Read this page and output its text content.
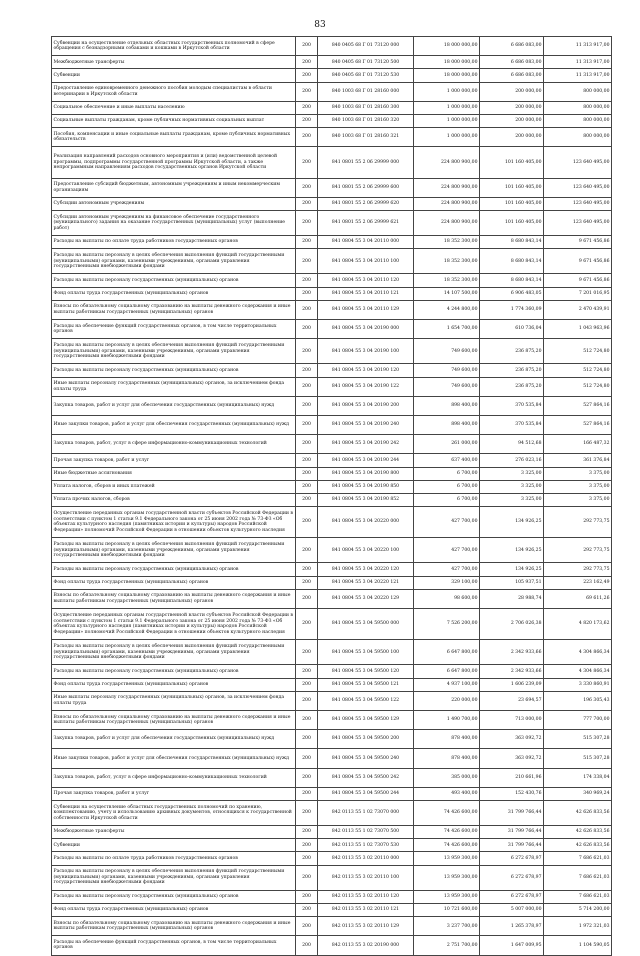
83
Субвенции на осуществление отдельных областных государственных полномочий в сфере обращения с безнадзорными собаками и кошками в Иркутской области	200	840 0405 68 Г 01 73120 000	18 000 000,00	6 686 083,00	11 313 917,00
Межбюджетные трансферты	200	840 0405 68 Г 01 73120 500	18 000 000,00	6 686 083,00	11 313 917,00
Субвенции	200	840 0405 68 Г 01 73120 530	18 000 000,00	6 686 083,00	11 313 917,00
Предоставление единовременного денежного пособия молодым специалистам в области ветеринарии в Иркутской области	200	840 1003 68 Г 01 28160 000	1 000 000,00	200 000,00	800 000,00
Социальное обеспечение и иные выплаты населению	200	840 1003 68 Г 01 28160 300	1 000 000,00	200 000,00	800 000,00
Социальные выплаты гражданам, кроме публичных нормативных социальных выплат	200	840 1003 68 Г 01 28160 320	1 000 000,00	200 000,00	800 000,00
Пособия, компенсации и иные социальные выплаты гражданам, кроме публичных нормативных обязательств	200	840 1003 68 Г 01 28160 321	1 000 000,00	200 000,00	800 000,00
Реализация направлений расходов основного мероприятия и (или) ведомственной целевой программы, подпрограммы государственной программы Иркутской области, а также непрограммным направлениям расходов государственных органов Иркутской области	200	841 0801 55 2 06 29999 000	224 800 900,00	101 160 405,00	123 640 495,00
Предоставление субсидий бюджетным, автономным учреждениям и иным некоммерческим организациям	200	841 0801 55 2 06 29999 600	224 800 900,00	101 160 405,00	123 640 495,00
Субсидии автономным учреждениям	200	841 0801 55 2 06 29999 620	224 800 900,00	101 160 405,00	123 640 495,00
Субсидии автономным учреждениям на финансовое обеспечение государственного (муниципального) задания на оказание государственных (муниципальных) услуг (выполнение работ)	200	841 0801 55 2 06 29999 621	224 800 900,00	101 160 405,00	123 640 495,00
Расходы на выплаты по оплате труда работников государственных органов	200	841 0804 55 3 04 20110 000	18 352 300,00	8 680 843,14	9 671 456,86
Расходы на выплаты персоналу в целях обеспечения выполнения функций государственными (муниципальными) органами, казенными учреждениями, органами управления государственными внебюджетными фондами	200	841 0804 55 3 04 20110 100	18 352 300,00	8 680 843,14	9 671 456,86
Расходы на выплаты персоналу государственных (муниципальных) органов	200	841 0804 55 3 04 20110 120	18 352 300,00	8 680 843,14	9 671 456,86
Фонд оплаты труда государственных (муниципальных) органов	200	841 0804 55 3 04 20110 121	14 107 500,00	6 906 483,05	7 201 016,95
Взносы по обязательному социальному страхованию на выплаты денежного содержания и иные выплаты работникам государственных (муниципальных) органов	200	841 0804 55 3 04 20110 129	4 244 800,00	1 774 360,09	2 470 439,91
Расходы на обеспечение функций государственных органов, в том числе территориальных органов	200	841 0804 55 3 04 20190 000	1 654 700,00	610 736,04	1 043 963,96
Расходы на выплаты персоналу в целях обеспечения выполнения функций государственными (муниципальными) органами, казенными учреждениями, органами управления государственными внебюджетными фондами	200	841 0804 55 3 04 20190 100	749 600,00	236 875,20	512 724,80
Расходы на выплаты персоналу государственных (муниципальных) органов	200	841 0804 55 3 04 20190 120	749 600,00	236 875,20	512 724,80
Иные выплаты персоналу государственных (муниципальных) органов, за исключением фонда оплаты труда	200	841 0804 55 3 04 20190 122	749 600,00	236 875,20	512 724,80
Закупка товаров, работ и услуг для обеспечения государственных (муниципальных) нужд	200	841 0804 55 3 04 20190 200	898 400,00	370 535,84	527 864,16
Иные закупки товаров, работ и услуг для обеспечения государственных (муниципальных) нужд	200	841 0804 55 3 04 20190 240	898 400,00	370 535,84	527 864,16
Закупка товаров, работ, услуг в сфере информационно-коммуникационных технологий	200	841 0804 55 3 04 20190 242	261 000,00	94 512,68	166 487,32
Прочая закупка товаров, работ и услуг	200	841 0804 55 3 04 20190 244	637 400,00	276 023,16	361 376,84
Иные бюджетные ассигнования	200	841 0804 55 3 04 20190 800	6 700,00	3 325,00	3 375,00
Уплата налогов, сборов и иных платежей	200	841 0804 55 3 04 20190 850	6 700,00	3 325,00	3 375,00
Уплата прочих налогов, сборов	200	841 0804 55 3 04 20190 852	6 700,00	3 325,00	3 375,00
Осуществление переданных органам государственной власти субъектов Российской Федерации в соответствии с пунктом 1 статьи 9.1 Федерального закона от 25 июня 2002 года № 73-ФЗ «Об объектах культурного наследия (памятниках истории и культуры) народов Российской Федерации» полномочий Российской Федерации в отношении объектов культурного наследия	200	841 0804 55 3 04 20220 000	427 700,00	134 926,25	292 773,75
Расходы на выплаты персоналу в целях обеспечения выполнения функций государственными (муниципальными) органами, казенными учреждениями, органами управления государственными внебюджетными фондами	200	841 0804 55 3 04 20220 100	427 700,00	134 926,25	292 773,75
Расходы на выплаты персоналу государственных (муниципальных) органов	200	841 0804 55 3 04 20220 120	427 700,00	134 926,25	292 773,75
Фонд оплаты труда государственных (муниципальных) органов	200	841 0804 55 3 04 20220 121	329 100,00	105 937,51	223 162,49
Взносы по обязательному социальному страхованию на выплаты денежного содержания и иные выплаты работникам государственных (муниципальных) органов	200	841 0804 55 3 04 20220 129	98 600,00	28 988,74	69 611,26
Осуществление переданных органам государственной власти субъектов Российской Федерации в соответствии с пунктом 1 статьи 9.1 Федерального закона от 25 июня 2002 года № 73-ФЗ «Об объектах культурного наследия (памятниках истории и культуры) народов Российской Федерации» полномочий Российской Федерации в отношении объектов культурного наследия	200	841 0804 55 3 04 59500 000	7 526 200,00	2 706 026,38	4 820 173,62
Расходы на выплаты персоналу в целях обеспечения выполнения функций государственными (муниципальными) органами, казенными учреждениями, органами управления государственными внебюджетными фондами	200	841 0804 55 3 04 59500 100	6 647 800,00	2 342 933,66	4 304 866,34
Расходы на выплаты персоналу государственных (муниципальных) органов	200	841 0804 55 3 04 59500 120	6 647 800,00	2 342 933,66	4 304 866,34
Фонд оплаты труда государственных (муниципальных) органов	200	841 0804 55 3 04 59500 121	4 937 100,00	1 606 239,09	3 330 860,91
Иные выплаты персоналу государственных (муниципальных) органов, за исключением фонда оплаты труда	200	841 0804 55 3 04 59500 122	220 000,00	23 694,57	196 305,43
Взносы по обязательному социальному страхованию на выплаты денежного содержания и иные выплаты работникам государственных (муниципальных) органов	200	841 0804 55 3 04 59500 129	1 490 700,00	713 000,00	777 700,00
Закупка товаров, работ и услуг для обеспечения государственных (муниципальных) нужд	200	841 0804 55 3 04 59500 200	878 400,00	363 092,72	515 307,28
Иные закупки товаров, работ и услуг для обеспечения государственных (муниципальных) нужд	200	841 0804 55 3 04 59500 240	878 400,00	363 092,72	515 307,28
Закупка товаров, работ, услуг в сфере информационно-коммуникационных технологий	200	841 0804 55 3 04 59500 242	385 000,00	210 661,96	174 338,04
Прочая закупка товаров, работ и услуг	200	841 0804 55 3 04 59500 244	493 400,00	152 430,76	340 969,24
Субвенции на осуществление областных государственных полномочий по хранению, комплектованию, учету и использованию архивных документов, относящихся к государственной собственности Иркутской области	200	842 0113 55 1 02 73070 000	74 426 600,00	31 799 766,44	42 626 833,56
Межбюджетные трансферты	200	842 0113 55 1 02 73070 500	74 426 600,00	31 799 766,44	42 626 833,56
Субвенции	200	842 0113 55 1 02 73070 530	74 426 600,00	31 799 766,44	42 626 833,56
Расходы на выплаты по оплате труда работников государственных органов	200	842 0113 55 3 02 20110 000	13 959 300,00	6 272 678,97	7 686 621,03
Расходы на выплаты персоналу в целях обеспечения выполнения функций государственными (муниципальными) органами, казенными учреждениями, органами управления государственными внебюджетными фондами	200	842 0113 55 3 02 20110 100	13 959 300,00	6 272 678,97	7 686 621,03
Расходы на выплаты персоналу государственных (муниципальных) органов	200	842 0113 55 3 02 20110 120	13 959 300,00	6 272 678,97	7 686 621,03
Фонд оплаты труда государственных (муниципальных) органов	200	842 0113 55 3 02 20110 121	10 721 600,00	5 007 000,00	5 714 200,00
Взносы по обязательному социальному страхованию на выплаты денежного содержания и иные выплаты работникам государственных (муниципальных) органов	200	842 0113 55 3 02 20110 129	3 237 700,00	1 265 378,97	1 972 321,03
Расходы на обеспечение функций государственных органов, в том числе территориальных органов	200	842 0113 55 3 02 20190 000	2 751 700,00	1 647 009,95	1 104 590,05
